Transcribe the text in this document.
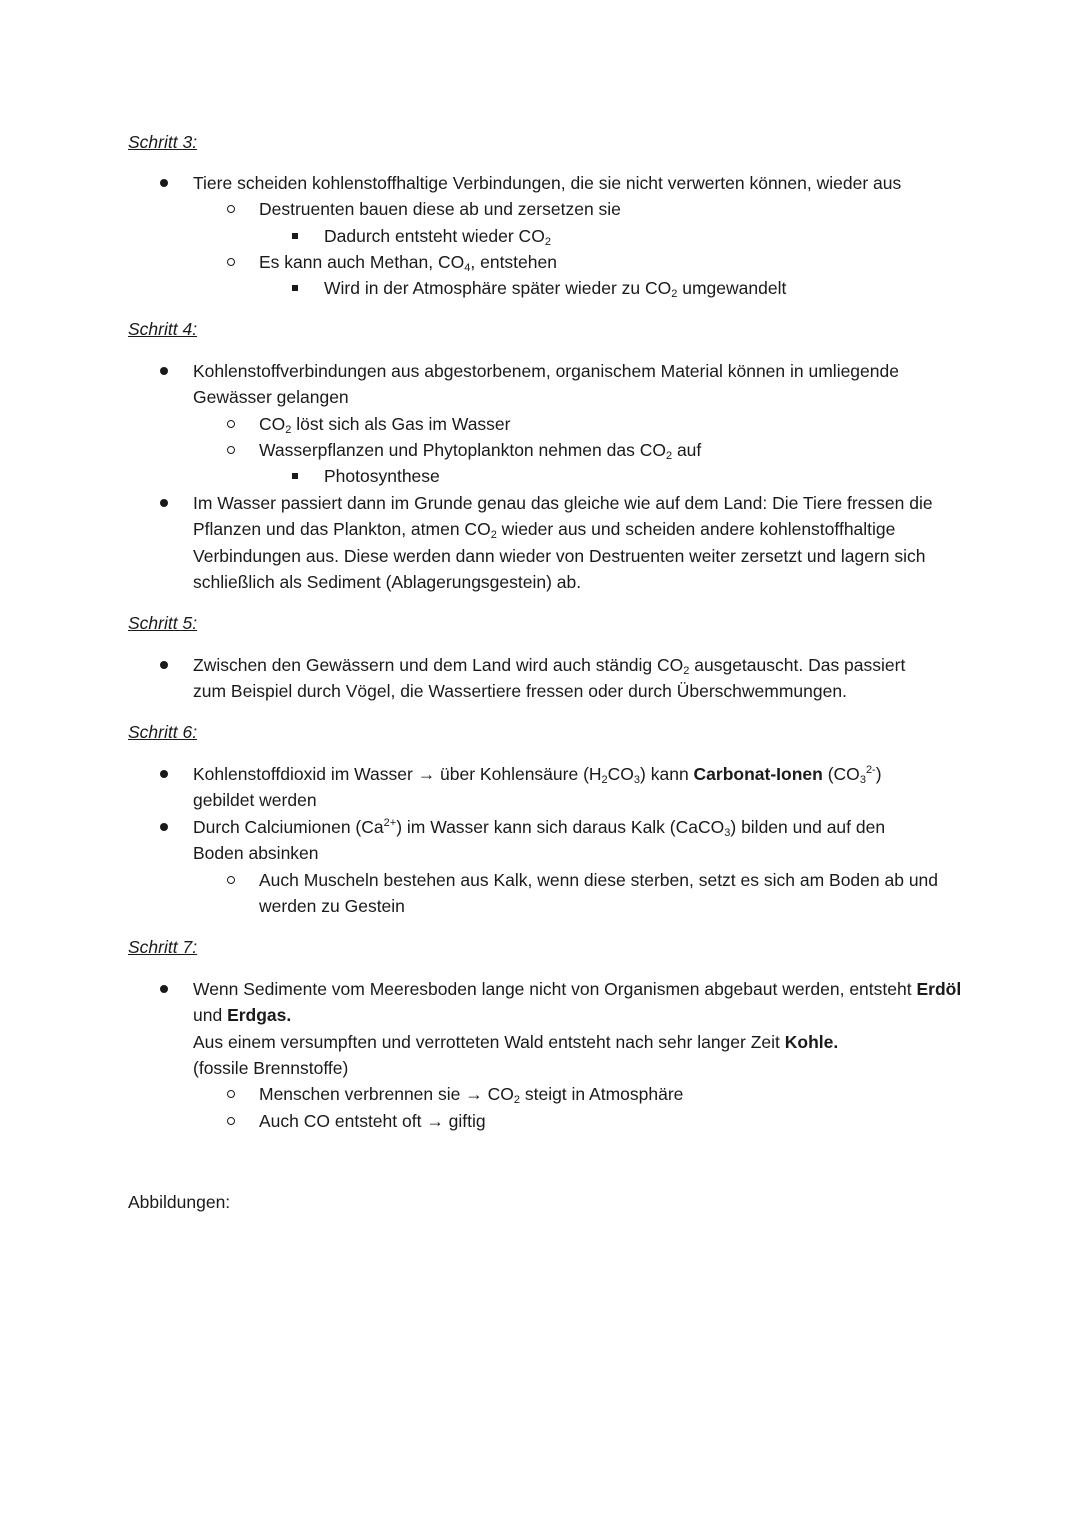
Schritt 3:

Tiere scheiden kohlenstoffhaltige Verbindungen, die sie nicht verwerten können, wieder aus

Destruenten bauen diese ab und zersetzen sie

Dadurch entsteht wieder $CO_2$

Es kann auch Methan, $CO_4$, entstehen

Wird in der Atmosphäre später wieder zu $CO_2$ umgewandelt

Schritt 4:

Kohlenstoffverbindungen aus abgestorbenem, organischem Material können in umliegende
Gewässer gelangen

$CO_2$ löst sich als Gas im Wasser

Wasserpflanzen und Phytoplankton nehmen das $CO_2$ auf

Photosynthese

Im Wasser passiert dann im Grunde genau das gleiche wie auf dem Land: Die Tiere fressen die Pflanzen und das Plankton, atmen $CO_2$ wieder aus und scheiden andere kohlenstoffhaltige Verbindungen aus. Diese werden dann wieder von Destruenten weiter zersetzt und lagern sich schließlich als Sediment (Ablagerungsgestein) ab.

Schritt 5:

Zwischen den Gewässern und dem Land wird auch ständig $CO_2$ ausgetauscht. Das passiert zum Beispiel durch Vögel, die Wassertiere fressen oder durch Überschwemmungen.

Schritt 6:

Kohlenstoffdioxid im Wasser → über Kohlensäure $(H_2CO_3)$ kann Carbonat-Ionen $(CO_3^{2-})$ gebildet werden

Durch Calciumionen $(Ca^{2+})$ im Wasser kann sich daraus Kalk (CaCO$_3$) bilden und auf den Boden absinken

Auch Muscheln bestehen aus Kalk, wenn diese sterben, setzt es sich am Boden ab und werden zu Gestein

Schritt 7:

Wenn Sedimente vom Meeresboden lange nicht von Organismen abgebaut werden, entsteht Erdöl und Erdgas.
Aus einem versumpften und verrotteten Wald entsteht nach sehr langer Zeit Kohle.
(fossile Brennstoffe)

Menschen verbrennen sie → $CO_2$ steigt in Atmosphäre

Auch CO entsteht oft → giftig

Abbildungen:
